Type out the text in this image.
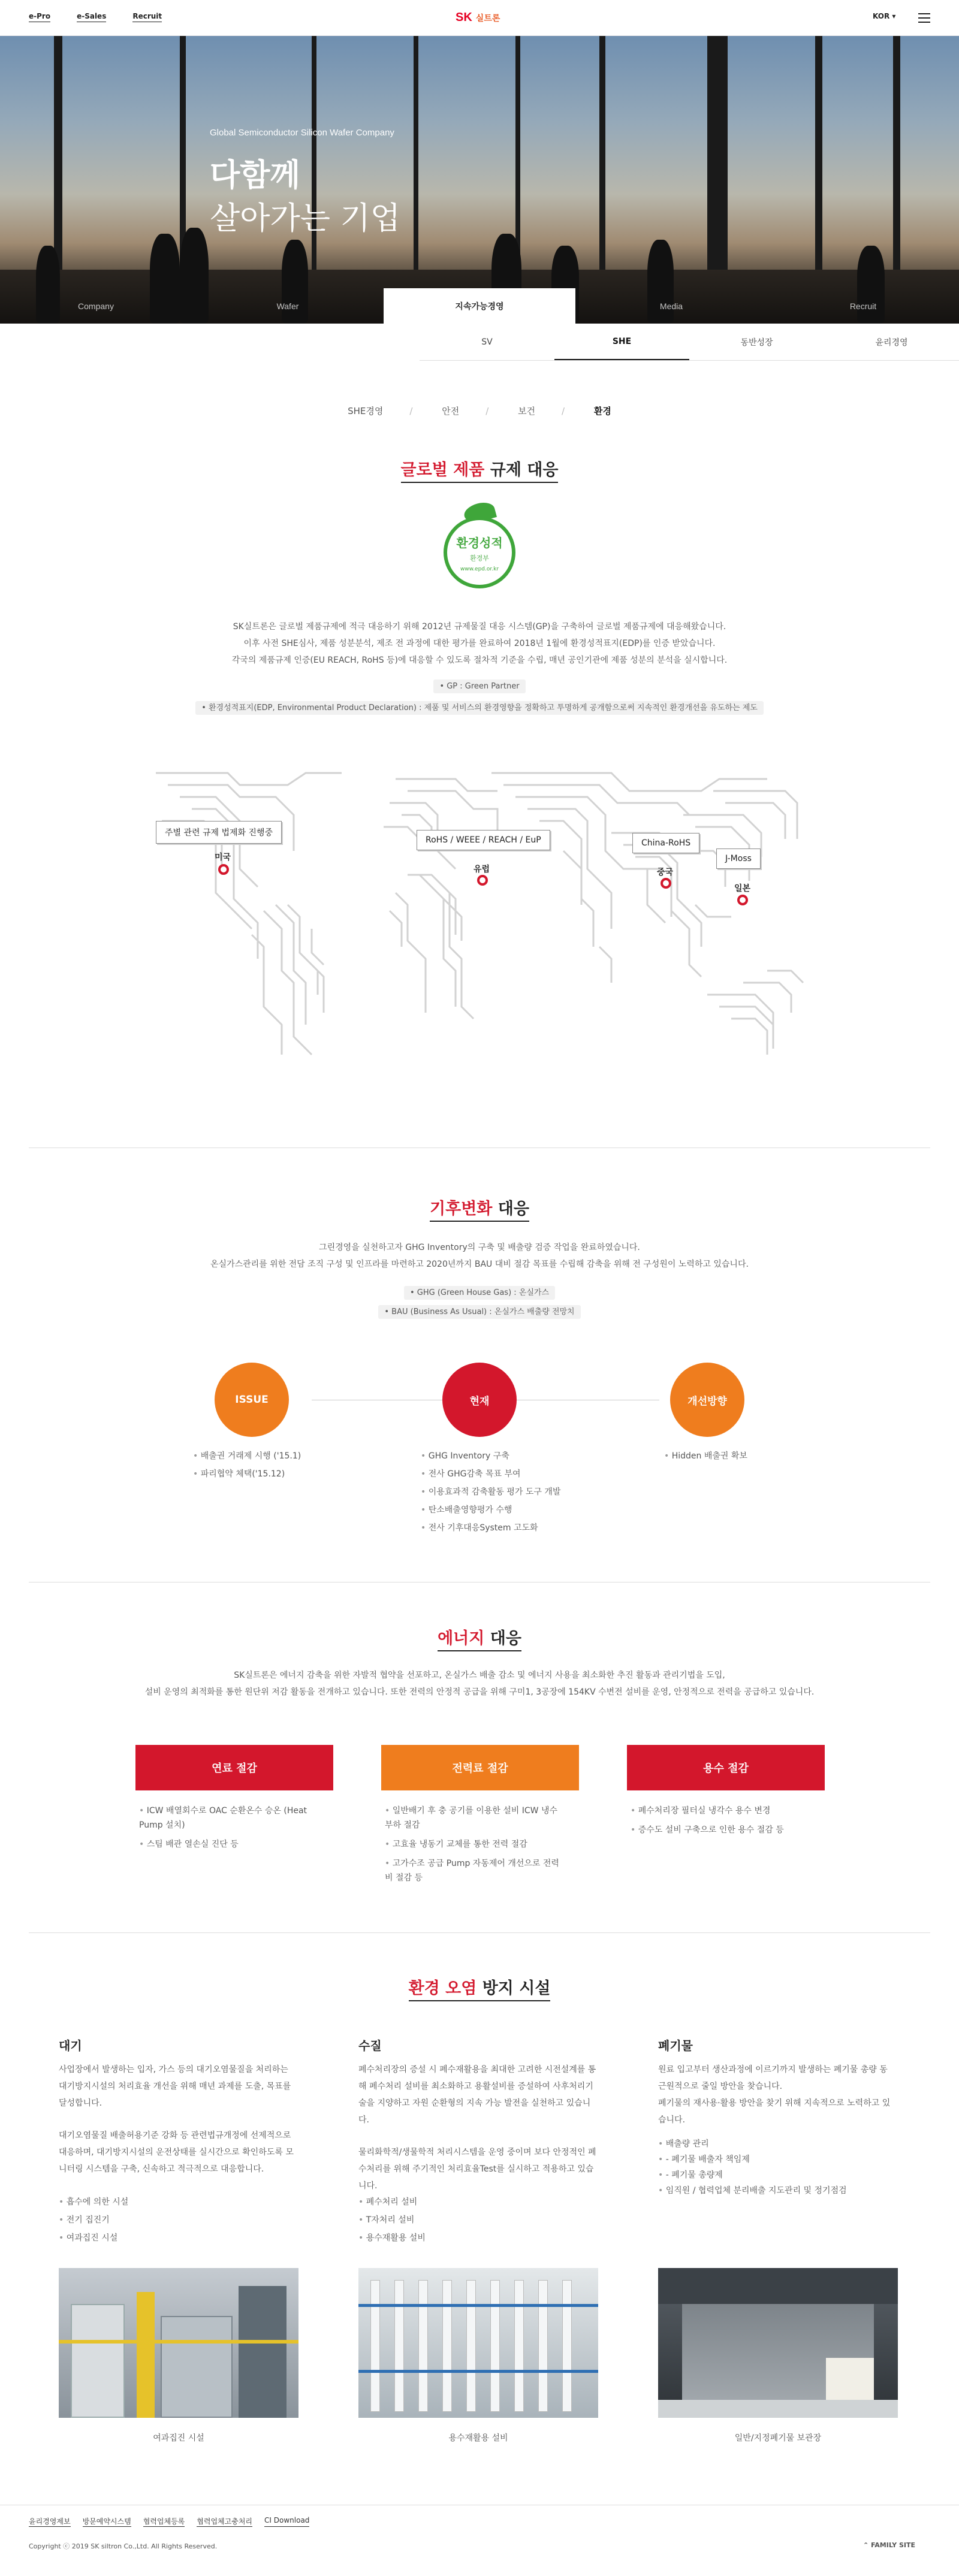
e-Pro	e-Sales	Recruit	SK 실트론	KOR ▾
Global Semiconductor Silicon Wafer Company
다함께
살아가는 기업
Company	Wafer	지속가능경영	Media	Recruit
SV	SHE	동반성장	윤리경영
SHE경영	/	안전	/	보건	/	환경
글로벌 제품 규제 대응
환경성적
환경부
www.epd.or.kr
SK실트론은 글로벌 제품규제에 적극 대응하기 위해 2012년 규제물질 대응 시스템(GP)을 구축하여 글로벌 제품규제에 대응해왔습니다.
이후 사전 SHE심사, 제품 성분분석, 제조 전 과정에 대한 평가를 완료하여 2018년 1월에 환경성적표지(EDP)를 인증 받았습니다.
각국의 제품규제 인증(EU REACH, RoHS 등)에 대응할 수 있도록 절차적 기준을 수립, 매년 공인기관에 제품 성분의 분석을 실시합니다.
• GP : Green Partner
• 환경성적표지(EDP, Environmental Product Declaration) : 제품 및 서비스의 환경영향을 정확하고 투명하게 공개함으로써 지속적인 환경개선을 유도하는 제도
주별 관련 규제 법제화 진행중
미국
RoHS / WEEE / REACH / EuP
유럽
China-RoHS
중국
J-Moss
일본
기후변화 대응
그린경영을 실천하고자 GHG Inventory의 구축 및 배출량 검증 작업을 완료하였습니다.
온실가스관리를 위한 전담 조직 구성 및 인프라를 마련하고 2020년까지 BAU 대비 절감 목표를 수립해 감축을 위해 전 구성원이 노력하고 있습니다.
• GHG (Green House Gas) : 온실가스
• BAU (Business As Usual) : 온실가스 배출량 전망치
ISSUE	현재	개선방향
• 배출권 거래제 시행 ('15.1)
• 파리협약 체택('15.12)
• GHG Inventory 구축
• 전사 GHG감축 목표 부여
• 이용효과적 감축활동 평가 도구 개발
• 탄소배출영향평가 수행
• 전사 기후대응System 고도화
• Hidden 배출권 확보
에너지 대응
SK실트론은 에너지 감축을 위한 자발적 협약을 선포하고, 온실가스 배출 감소 및 에너지 사용을 최소화한 추진 활동과 관리기법을 도입,
설비 운영의 최적화를 통한 원단위 저감 활동을 전개하고 있습니다. 또한 전력의 안정적 공급을 위해 구미1, 3공장에 154KV 수변전 설비를 운영, 안정적으로 전력을 공급하고 있습니다.
연료 절감	전력료 절감	용수 절감
• ICW 배열회수로 OAC 순환온수 승온 (Heat Pump 설치)
• 스팀 배관 열손실 진단 등
• 일반배기 후 충 공기를 이용한 설비 ICW 냉수 부하 절감
• 고효율 냉동기 교체를 통한 전력 절감
• 고가수조 공급 Pump 자동제어 개선으로 전력비 절감 등
• 폐수처리장 필터실 냉각수 용수 변경
• 증수도 설비 구축으로 인한 용수 절감 등
환경 오염 방지 시설
대기
사업장에서 발생하는 입자, 가스 등의 대기오염물질을 처리하는 대기방지시설의 처리효율 개선을 위해 매년 과제를 도출, 목표를 달성합니다.
대기오염물질 배출허용기준 강화 등 관련법규개정에 선제적으로 대응하며, 대기방지시설의 운전상태를 실시간으로 확인하도록 모니터링 시스템을 구축, 신속하고 적극적으로 대응합니다.
• 흡수에 의한 시설
• 전기 집진기
• 여과집진 시설
여과집진 시설
수질
폐수처리장의 증설 시 폐수재활용을 최대한 고려한 시전설계를 통해 폐수처리 설비를 최소화하고 용활설비를 증설하여 사후처리기술을 지양하고 자원 순환형의 지속 가능 발전을 실천하고 있습니다.
물리화학적/생물학적 처리시스템을 운영 중이며 보다 안정적인 폐수처리를 위해 주기적인 처리효율Test를 실시하고 적용하고 있습니다.
• 폐수처리 설비
• T자처리 설비
• 용수재활용 설비
용수재활용 설비
폐기물
원료 입고부터 생산과정에 이르기까지 발생하는 폐기물 총량 동 근원적으로 줄일 방안을 찾습니다.
폐기물의 재사용·활용 방안을 찾기 위해 지속적으로 노력하고 있습니다.
• 배출량 관리
• - 폐기물 배출자 책임제
• - 폐기물 총량제
• 임직원 / 협력업체 분리배출 지도관리 및 정기점검
일반/지정폐기물 보관장
윤리경영제보 방문예약시스템 협력업체등록 협력업체고충처리 CI Download
Copyright ⓒ 2019 SK siltron Co.,Ltd. All Rights Reserved.	⌃ FAMILY SITE
